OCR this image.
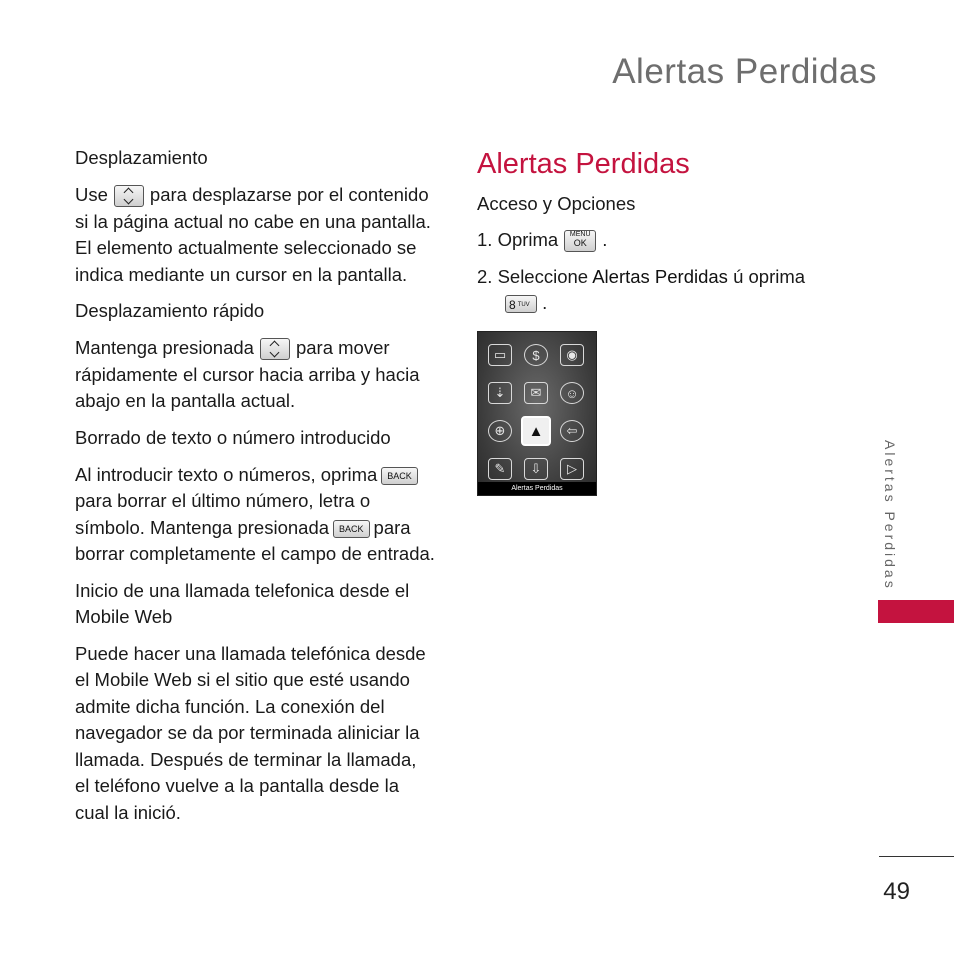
Alertas Perdidas
Desplazamiento

Use para desplazarse por el contenido si la página actual no cabe en una pantalla. El elemento actualmente seleccionado se indica mediante un cursor en la pantalla.

Desplazamiento rápido

Mantenga presionada para mover rápidamente el cursor hacia arriba y hacia abajo en la pantalla actual.

Borrado de texto o número introducido

Al introducir texto o números, oprima BACKpara borrar el último número, letra o símbolo. Mantenga presionada BACK para borrar completamente el campo de entrada.

Inicio de una llamada telefonica desde el Mobile Web

Puede hacer una llamada telefónica desde el Mobile Web si el sitio que esté usando admite dicha función. La conexión del navegador se da por terminada aliniciar la llamada. Después de terminar la llamada, el teléfono vuelve a la pantalla desde la cual la inició.

Alertas Perdidas
Acceso y Opciones

1. Oprima	MENU
OK .

2. Seleccione Alertas Perdidas ú oprima
8 $^{TUV}$ .

▭	$	◉
⇣	✉	☺
⊕	▲	⇦
✎	⇩	▷
Alertas Perdidas	Alertas Perdidas
49
